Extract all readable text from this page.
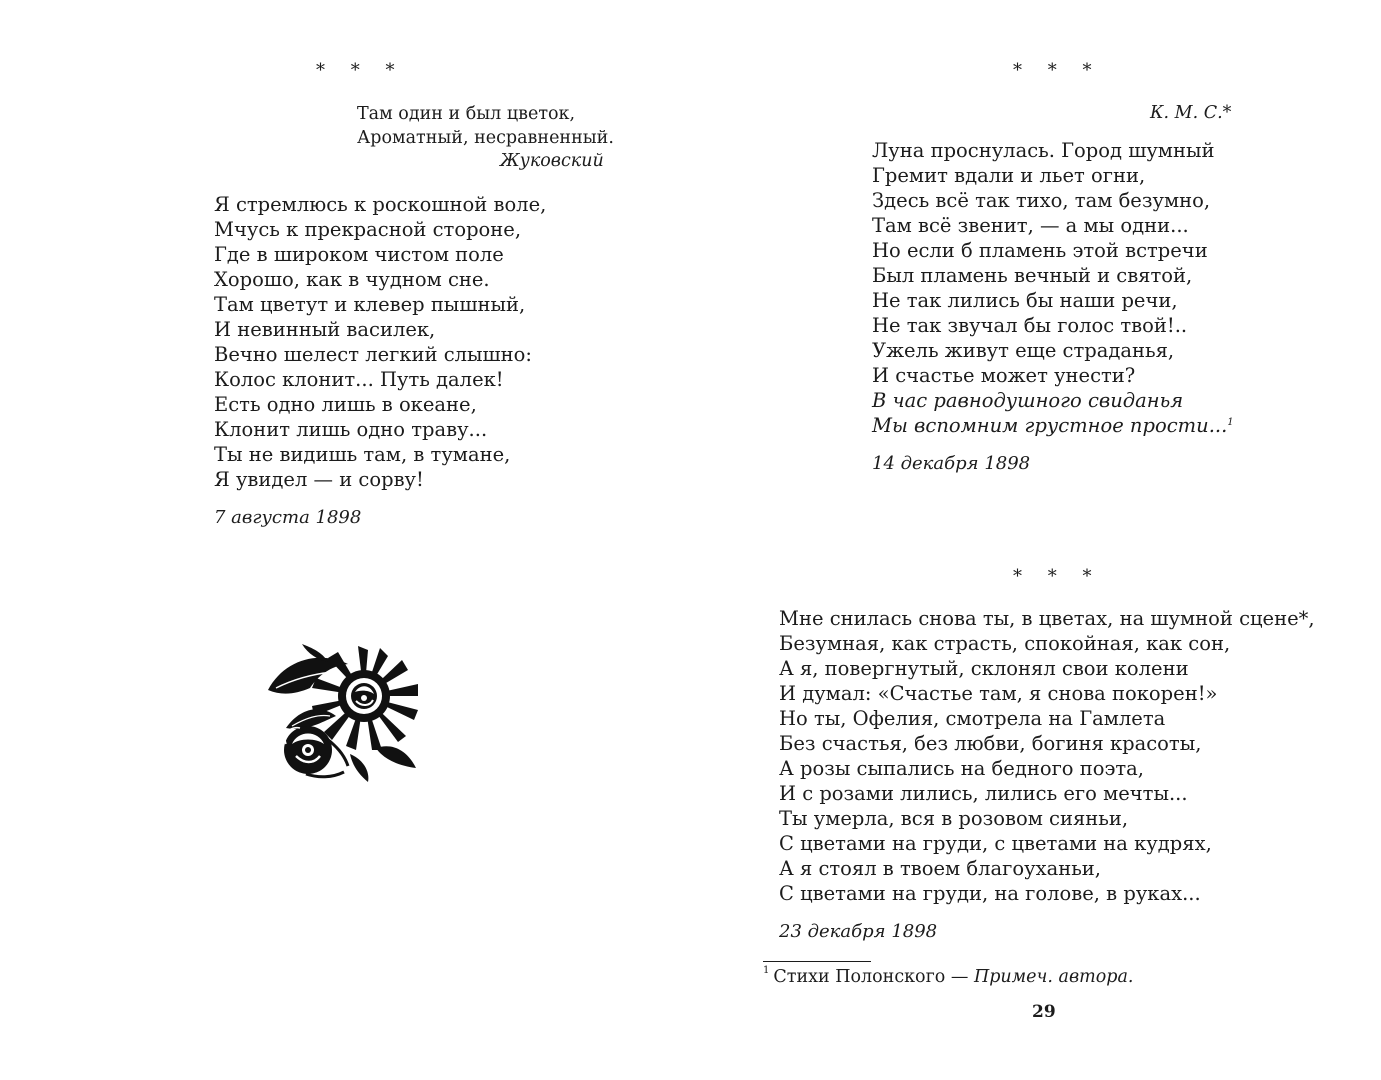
* * *
Там один и был цветок,
Ароматный, несравненный.
Жуковский
Я стремлюсь к роскошной воле,
Мчусь к прекрасной стороне,
Где в широком чистом поле
Хорошо, как в чудном сне.
Там цветут и клевер пышный,
И невинный василек,
Вечно шелест легкий слышно:
Колос клонит... Путь далек!
Есть одно лишь в океане,
Клонит лишь одно траву...
Ты не видишь там, в тумане,
Я увидел — и сорву!
7 августа 1898
* * *
К. М. С.*
Луна проснулась. Город шумный
Гремит вдали и льет огни,
Здесь всё так тихо, там безумно,
Там всё звенит, — а мы одни...
Но если б пламень этой встречи
Был пламень вечный и святой,
Не так лились бы наши речи,
Не так звучал бы голос твой!..
Ужель живут еще страданья,
И счастье может унести?
В час равнодушного свиданья
Мы вспомним грустное прости...$^1$
14 декабря 1898
* * *
Мне снилась снова ты, в цветах, на шумной сцене*,
Безумная, как страсть, спокойная, как сон,
А я, повергнутый, склонял свои колени
И думал: «Счастье там, я снова покорен!»
Но ты, Офелия, смотрела на Гамлета
Без счастья, без любви, богиня красоты,
А розы сыпались на бедного поэта,
И с розами лились, лились его мечты...
Ты умерла, вся в розовом сияньи,
С цветами на груди, с цветами на кудрях,
А я стоял в твоем благоуханьи,
С цветами на груди, на голове, в руках...
23 декабря 1898
$^1$ Стихи Полонского — Примеч. автора.
29
